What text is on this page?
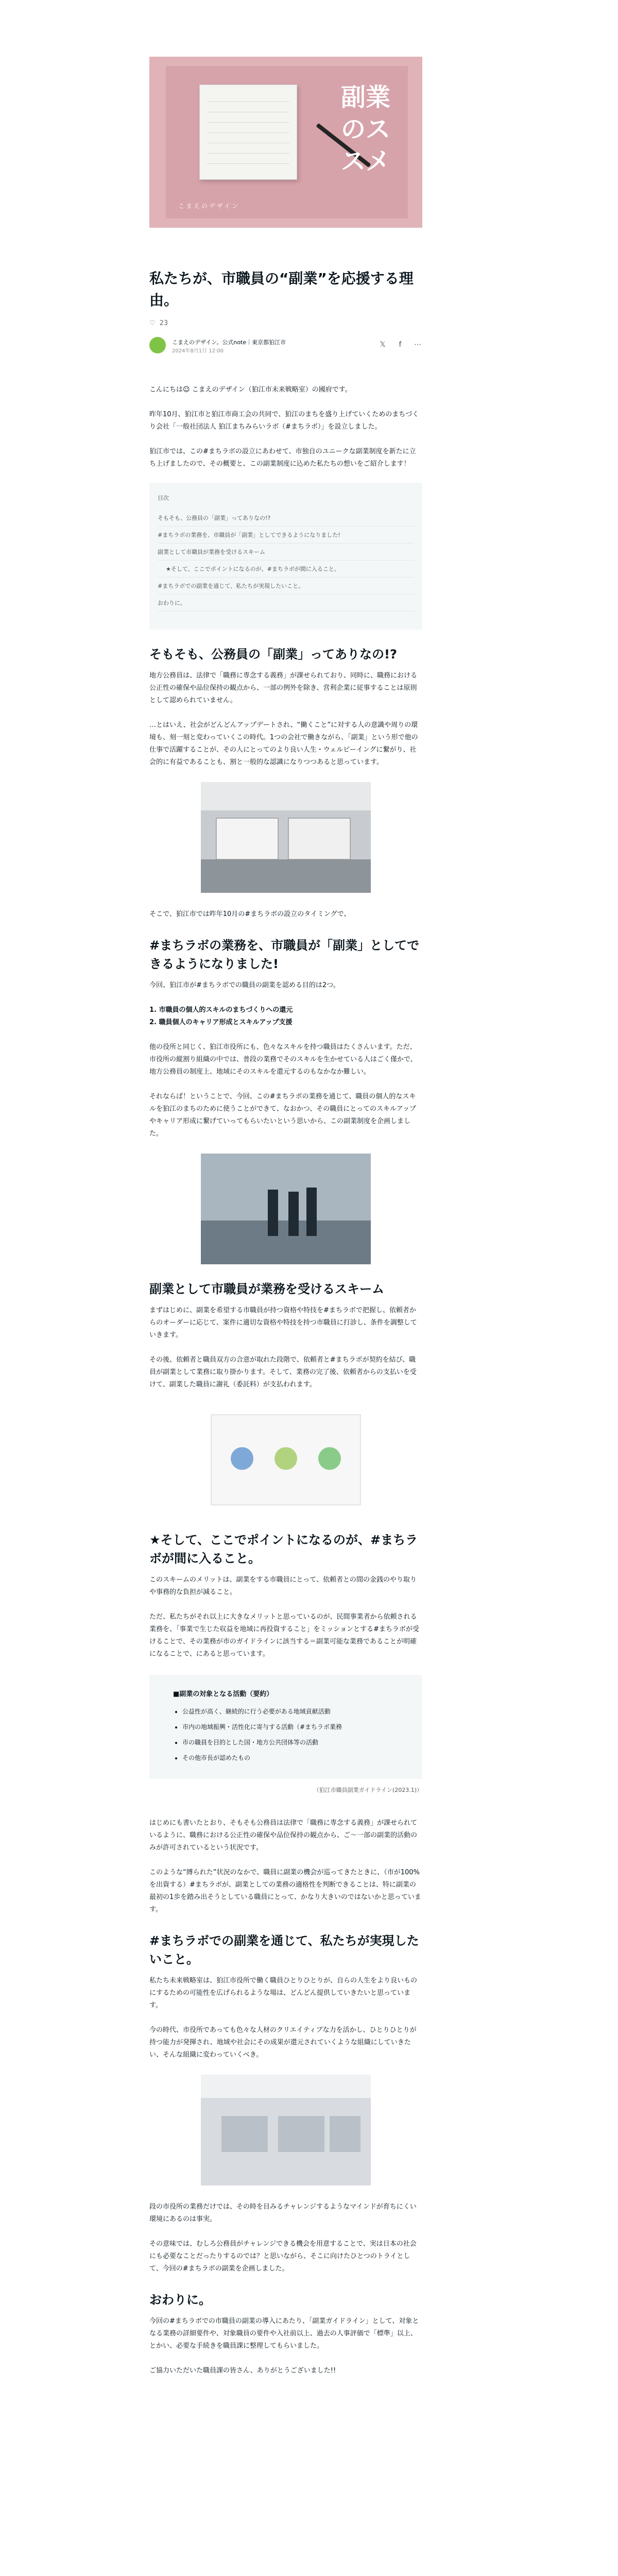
副業のススメ
こまえのデザイン
私たちが、市職員の“副業”を応援する理由。
♡ 23
こまえのデザイン。公式note｜東京都狛江市
2024年8月1日 12:00
𝕏	f	⋯

こんにちは☺︎ こまえのデザイン（狛江市未来戦略室）の國府です。

昨年10月、狛江市と狛江市商工会の共同で、狛江のまちを盛り上げていくためのまちづくり会社「一般社団法人 狛江まちみらいラボ（#まちラボ）」を設立しました。

狛江市では、この#まちラボの設立にあわせて、市独自のユニークな副業制度を新たに立ち上げましたので、その概要と、この副業制度に込めた私たちの想いをご紹介します！

目次
そもそも、公務員の「副業」ってありなの!?
#まちラボの業務を、市職員が「副業」としてできるようになりました!
副業として市職員が業務を受けるスキーム
★そして、ここでポイントになるのが、#まちラボが間に入ること。
#まちラボでの副業を通じて、私たちが実現したいこと。
おわりに。
そもそも、公務員の「副業」ってありなの!?

地方公務員は、法律で「職務に専念する義務」が課せられており、同時に、職務における公正性の確保や品位保持の観点から、一部の例外を除き、営利企業に従事することは原則として認められていません。

…とはいえ、社会がどんどんアップデートされ、“働くこと”に対する人の意識や周りの環境も、刻一刻と変わっていくこの時代。1つの会社で働きながら、「副業」という形で他の仕事で活躍することが、その人にとってのより良い人生・ウェルビーイングに繋がり、社会的に有益であることも、割と一般的な認識になりつつあると思っています。

そこで、狛江市では昨年10月の#まちラボの設立のタイミングで、

#まちラボの業務を、市職員が「副業」としてできるようになりました!

今回、狛江市が#まちラボでの職員の副業を認める目的は2つ。

1. 市職員の個人的スキルのまちづくりへの還元
2. 職員個人のキャリア形成とスキルアップ支援

他の役所と同じく、狛江市役所にも、色々なスキルを持つ職員はたくさんいます。ただ、市役所の縦割り組織の中では、普段の業務でそのスキルを生かせている人はごく僅かで、地方公務員の制度上、地域にそのスキルを還元するのもなかなか難しい。

それならば！ということで、今回、この#まちラボの業務を通じて、職員の個人的なスキルを狛江のまちのために使うことができて、なおかつ、その職員にとってのスキルアップやキャリア形成に繋げていってもらいたいという思いから、この副業制度を企画しました。

副業として市職員が業務を受けるスキーム

まずはじめに、副業を希望する市職員が持つ資格や特技を#まちラボで把握し、依頼者からのオーダーに応じて、案件に適切な資格や特技を持つ市職員に打診し、条件を調整していきます。

その後、依頼者と職員双方の合意が取れた段階で、依頼者と#まちラボが契約を結び、職員が副業として業務に取り掛かります。そして、業務の完了後、依頼者からの支払いを受けて、副業した職員に謝礼（委託料）が支払われます。

★そして、ここでポイントになるのが、#まちラボが間に入ること。

このスキームのメリットは、副業をする市職員にとって、依頼者との間の金銭のやり取りや事務的な負担が減ること。

ただ、私たちがそれ以上に大きなメリットと思っているのが、民間事業者から依頼される業務を、「事業で生じた収益を地域に再投資すること」をミッションとする#まちラボが受けることで、その業務が市のガイドラインに該当する＝副業可能な業務であることが明確になることで、にあると思っています。

■副業の対象となる活動（要約）
• 公益性が高く、継続的に行う必要がある地域貢献活動
• 市内の地域振興・活性化に寄与する活動（#まちラボ業務
• 市の職員を目的とした国・地方公共団体等の活動
• その他市長が認めたもの
（狛江市職員副業ガイドライン(2023.1)）

はじめにも書いたとおり、そもそも公務員は法律で「職務に専念する義務」が課せられているように、職務における公正性の確保や品位保持の観点から、ご〜一部の副業的活動のみが許可されているという状況です。

このような“縛られた”状況のなかで、職員に副業の機会が巡ってきたときに、（市が100%を出資する）#まちラボが、副業としての業務の適格性を判断できることは、特に副業の最初の1歩を踏み出そうとしている職員にとって、かなり大きいのではないかと思っています。

#まちラボでの副業を通じて、私たちが実現したいこと。

私たち未来戦略室は、狛江市役所で働く職員ひとりひとりが、自らの人生をより良いものにするための可能性を広げられるような場は、どんどん提供していきたいと思っています。

今の時代、市役所であっても色々な人材のクリエイティブな力を活かし、ひとりひとりが持つ能力が発揮され、地域や社会にその成果が還元されていくような組織にしていきたい、そんな組織に変わっていくべき。

段の市役所の業務だけでは、その時を目みるチャレンジするようなマインドが育ちにくい環境にあるのは事実。

その意味では、むしろ公務員がチャレンジできる機会を用意することで、実は日本の社会にも必要なことだったりするのでは？と思いながら、そこに向けたひとつのトライとして、今回の#まちラボの副業を企画しました。

おわりに。

今回の#まちラボでの市職員の副業の導入にあたり、「副業ガイドライン」として、対象となる業務の詳細要件や、対象職員の要件や入社前以上、過去の人事評価で「標準」以上、とかい、必要な手続きを職員課に整理してもらいました。

ご協力いただいた職員課の皆さん、ありがとうございました!!
